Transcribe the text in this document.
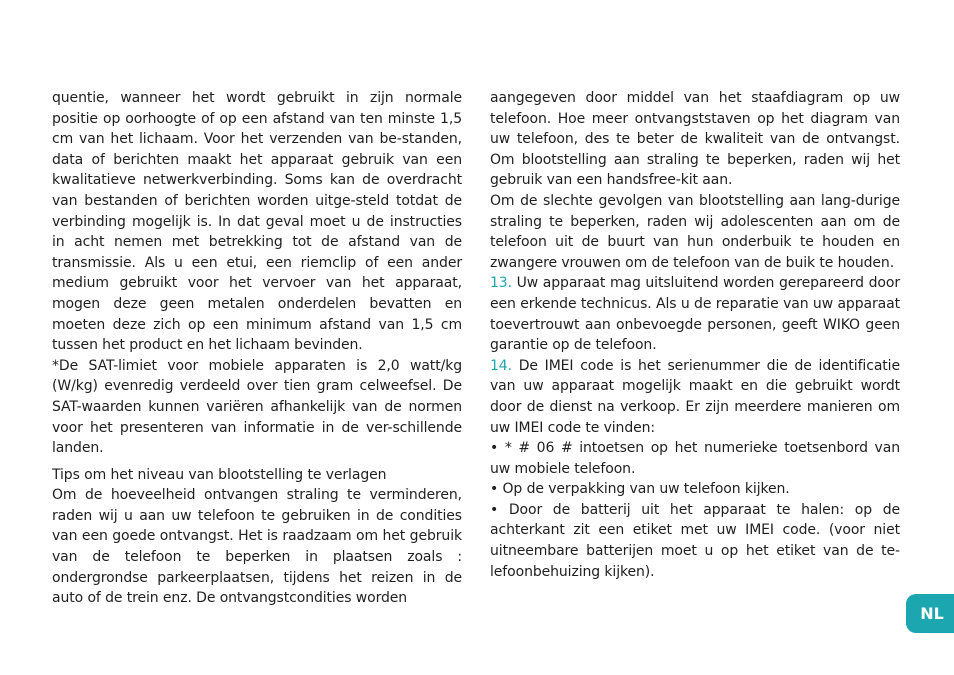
quentie, wanneer het wordt gebruikt in zijn normale positie op oorhoogte of op een afstand van ten minste 1,5 cm van het lichaam. Voor het verzenden van be-standen, data of berichten maakt het apparaat gebruik van een kwalitatieve netwerkverbinding. Soms kan de overdracht van bestanden of berichten worden uitge-steld totdat de verbinding mogelijk is. In dat geval moet u de instructies in acht nemen met betrekking tot de afstand van de transmissie. Als u een etui, een riemclip of een ander medium gebruikt voor het vervoer van het apparaat, mogen deze geen metalen onderdelen bevatten en moeten deze zich op een minimum afstand van 1,5 cm tussen het product en het lichaam bevinden.

*De SAT-limiet voor mobiele apparaten is 2,0 watt/kg (W/kg) evenredig verdeeld over tien gram celweefsel. De SAT-waarden kunnen variëren afhankelijk van de normen voor het presenteren van informatie in de ver-schillende landen.

Tips om het niveau van blootstelling te verlagen

Om de hoeveelheid ontvangen straling te verminderen, raden wij u aan uw telefoon te gebruiken in de condities van een goede ontvangst. Het is raadzaam om het gebruik van de telefoon te beperken in plaatsen zoals : ondergrondse parkeerplaatsen, tijdens het reizen in de auto of de trein enz. De ontvangstcondities worden

aangegeven door middel van het staafdiagram op uw telefoon. Hoe meer ontvangststaven op het diagram van uw telefoon, des te beter de kwaliteit van de ontvangst. Om blootstelling aan straling te beperken, raden wij het gebruik van een handsfree-kit aan.

Om de slechte gevolgen van blootstelling aan lang-durige straling te beperken, raden wij adolescenten aan om de telefoon uit de buurt van hun onderbuik te houden en zwangere vrouwen om de telefoon van de buik te houden.

13. Uw apparaat mag uitsluitend worden gerepareerd door een erkende technicus. Als u de reparatie van uw apparaat toevertrouwt aan onbevoegde personen, geeft WIKO geen garantie op de telefoon.

14. De IMEI code is het serienummer die de identificatie van uw apparaat mogelijk maakt en die gebruikt wordt door de dienst na verkoop. Er zijn meerdere manieren om uw IMEI code te vinden:

• * # 06 # intoetsen op het numerieke toetsenbord van uw mobiele telefoon.

• Op de verpakking van uw telefoon kijken.

• Door de batterij uit het apparaat te halen: op de achterkant zit een etiket met uw IMEI code. (voor niet uitneembare batterijen moet u op het etiket van de te-lefoonbehuizing kijken).

NL
